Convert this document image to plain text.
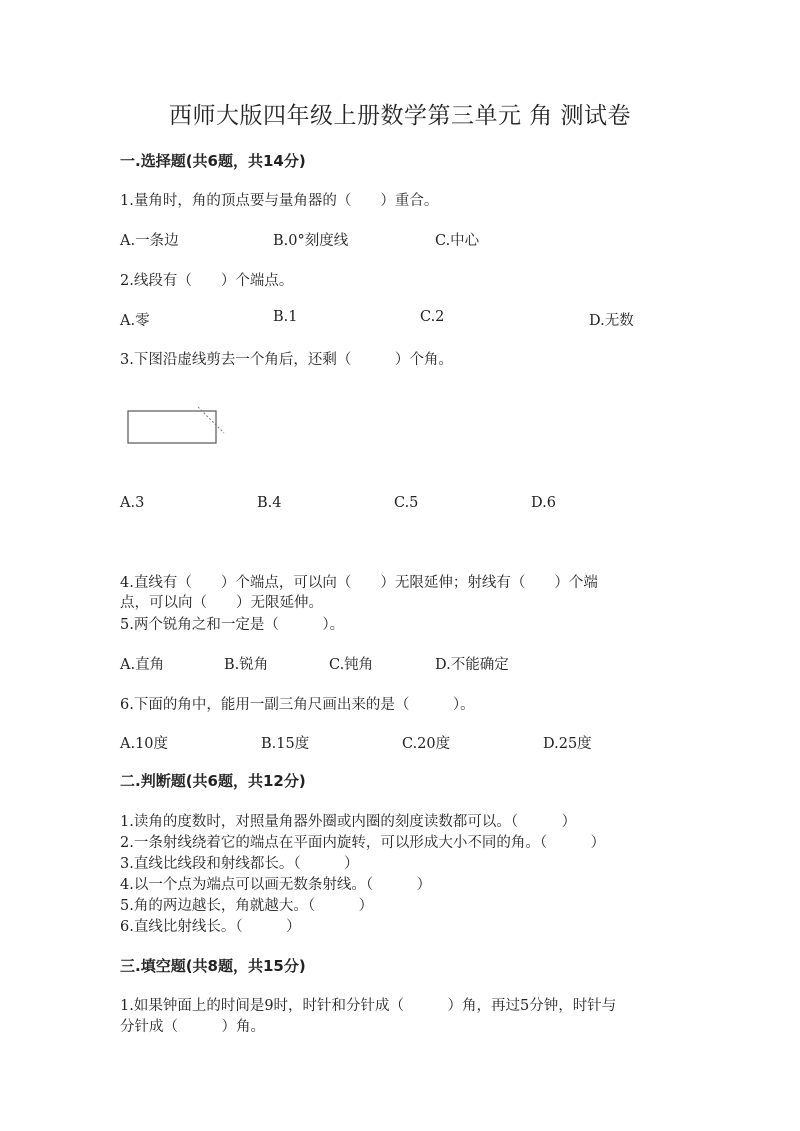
西师大版四年级上册数学第三单元 角 测试卷
一.选择题(共6题，共14分)
1.量角时，角的顶点要与量角器的（　　）重合。
A.一条边	B.0°刻度线	C.中心
2.线段有（　　）个端点。
A.零	B.1	C.2	D.无数
3.下图沿虚线剪去一个角后，还剩（　　　）个角。
A.3	B.4	C.5	D.6
4.直线有（　　）个端点，可以向（　　）无限延伸；射线有（　　）个端
点，可以向（　　）无限延伸。
5.两个锐角之和一定是（　　　）。
A.直角	B.锐角	C.钝角	D.不能确定
6.下面的角中，能用一副三角尺画出来的是（　　　）。
A.10度	B.15度	C.20度	D.25度
二.判断题(共6题，共12分)
1.读角的度数时，对照量角器外圈或内圈的刻度读数都可以。（　　　）
2.一条射线绕着它的端点在平面内旋转，可以形成大小不同的角。（　　　）
3.直线比线段和射线都长。（　　　）
4.以一个点为端点可以画无数条射线。（　　　）
5.角的两边越长，角就越大。（　　　）
6.直线比射线长。（　　　）
三.填空题(共8题，共15分)
1.如果钟面上的时间是9时，时针和分针成（　　　）角，再过5分钟，时针与
分针成（　　　）角。
